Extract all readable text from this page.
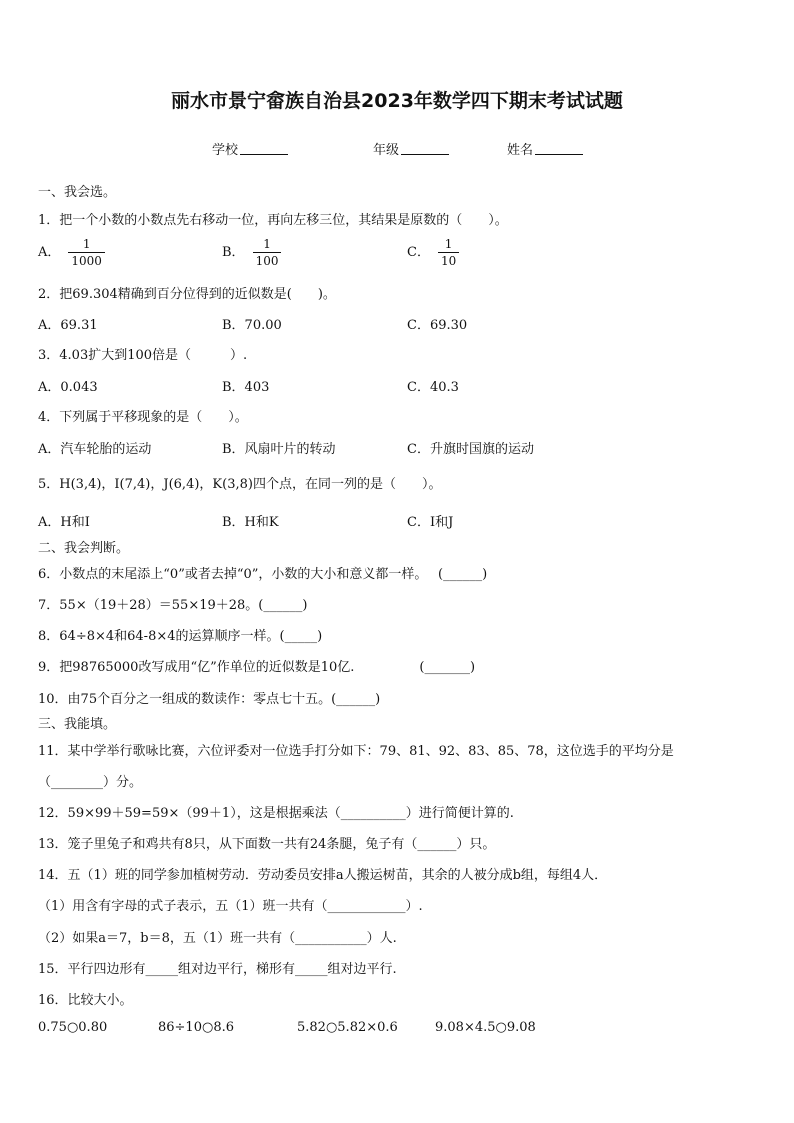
丽水市景宁畲族自治县2023年数学四下期末考试试题
学校	年级	姓名
一、我会选。
1．把一个小数的小数点先右移动一位，再向左移三位，其结果是原数的（　　）。
A． $\frac{1}{1000}$	B． $\frac{1}{100}$	C． $\frac{1}{10}$
2．把69.304精确到百分位得到的近似数是(　　)。
A．69.31	B．70.00	C．69.30
3．4.03扩大到100倍是（　　　）.
A．0.043	B．403	C．40.3
4．下列属于平移现象的是（　　）。
A．汽车轮胎的运动	B．风扇叶片的转动	C．升旗时国旗的运动
5．H(3,4)，I(7,4)，J(6,4)，K(3,8)四个点，在同一列的是（　　）。
A．H和I	B．H和K	C．I和J
二、我会判断。
6．小数点的末尾添上“0”或者去掉“0”，小数的大小和意义都一样。　 (______)
7．55×（19＋28）＝55×19＋28。(______)
8．64÷8×4和64-8×4的运算顺序一样。(_____)
9．把98765000改写成用“亿”作单位的近似数是10亿.　　　　　(_______)
10．由75个百分之一组成的数读作：零点七十五。(______)
三、我能填。
11．某中学举行歌咏比赛，六位评委对一位选手打分如下：79、81、92、83、85、78，这位选手的平均分是
（________）分。
12．59×99＋59=59×（99＋1），这是根据乘法（__________）进行简便计算的.
13．笼子里兔子和鸡共有8只，从下面数一共有24条腿，兔子有（______）只。
14．五（1）班的同学参加植树劳动．劳动委员安排a人搬运树苗，其余的人被分成b组，每组4人．
（1）用含有字母的式子表示，五（1）班一共有（____________）.
（2）如果a＝7，b＝8，五（1）班一共有（___________）人.
15．平行四边形有_____组对边平行，梯形有_____组对边平行.
16．比较大小。
0.75○0.80	86÷10○8.6	5.82○5.82×0.6	9.08×4.5○9.08
